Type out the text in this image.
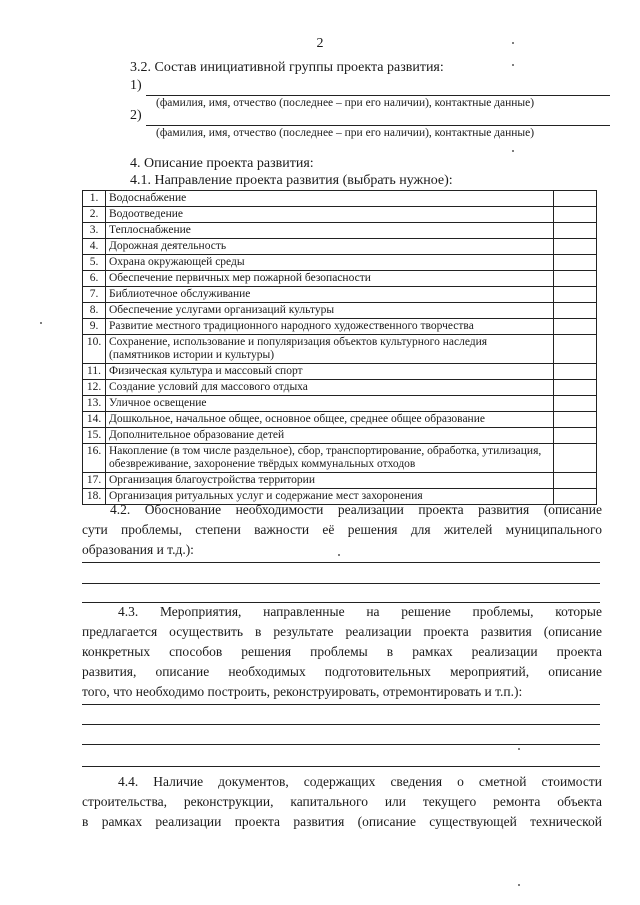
2
3.2. Состав инициативной группы проекта развития:
1)
(фамилия, имя, отчество (последнее – при его наличии), контактные данные)
2)
(фамилия, имя, отчество (последнее – при его наличии), контактные данные)
4. Описание проекта развития:
4.1. Направление проекта развития (выбрать нужное):
1.	Водоснабжение	
2.	Водоотведение	
3.	Теплоснабжение	
4.	Дорожная деятельность	
5.	Охрана окружающей среды	
6.	Обеспечение первичных мер пожарной безопасности	
7.	Библиотечное обслуживание	
8.	Обеспечение услугами организаций культуры	
9.	Развитие местного традиционного народного художественного творчества	
10.	Сохранение, использование и популяризация объектов культурного наследия (памятников истории и культуры)	
11.	Физическая культура и массовый спорт	
12.	Создание условий для массового отдыха	
13.	Уличное освещение	
14.	Дошкольное, начальное общее, основное общее, среднее общее образование	
15.	Дополнительное образование детей	
16.	Накопление (в том числе раздельное), сбор, транспортирование, обработка, утилизация, обезвреживание, захоронение твёрдых коммунальных отходов	
17.	Организация благоустройства территории	
18.	Организация ритуальных услуг и содержание мест захоронения	
4.2. Обоснование необходимости реализации проекта развития (описание
сути проблемы, степени важности её решения для жителей муниципального
образования и т.д.):
4.3. Мероприятия, направленные на решение проблемы, которые
предлагается осуществить в результате реализации проекта развития (описание
конкретных способов решения проблемы в рамках реализации проекта
развития, описание необходимых подготовительных мероприятий, описание
того, что необходимо построить, реконструировать, отремонтировать и т.п.):
4.4. Наличие документов, содержащих сведения о сметной стоимости
строительства, реконструкции, капитального или текущего ремонта объекта
в рамках реализации проекта развития (описание существующей технической
